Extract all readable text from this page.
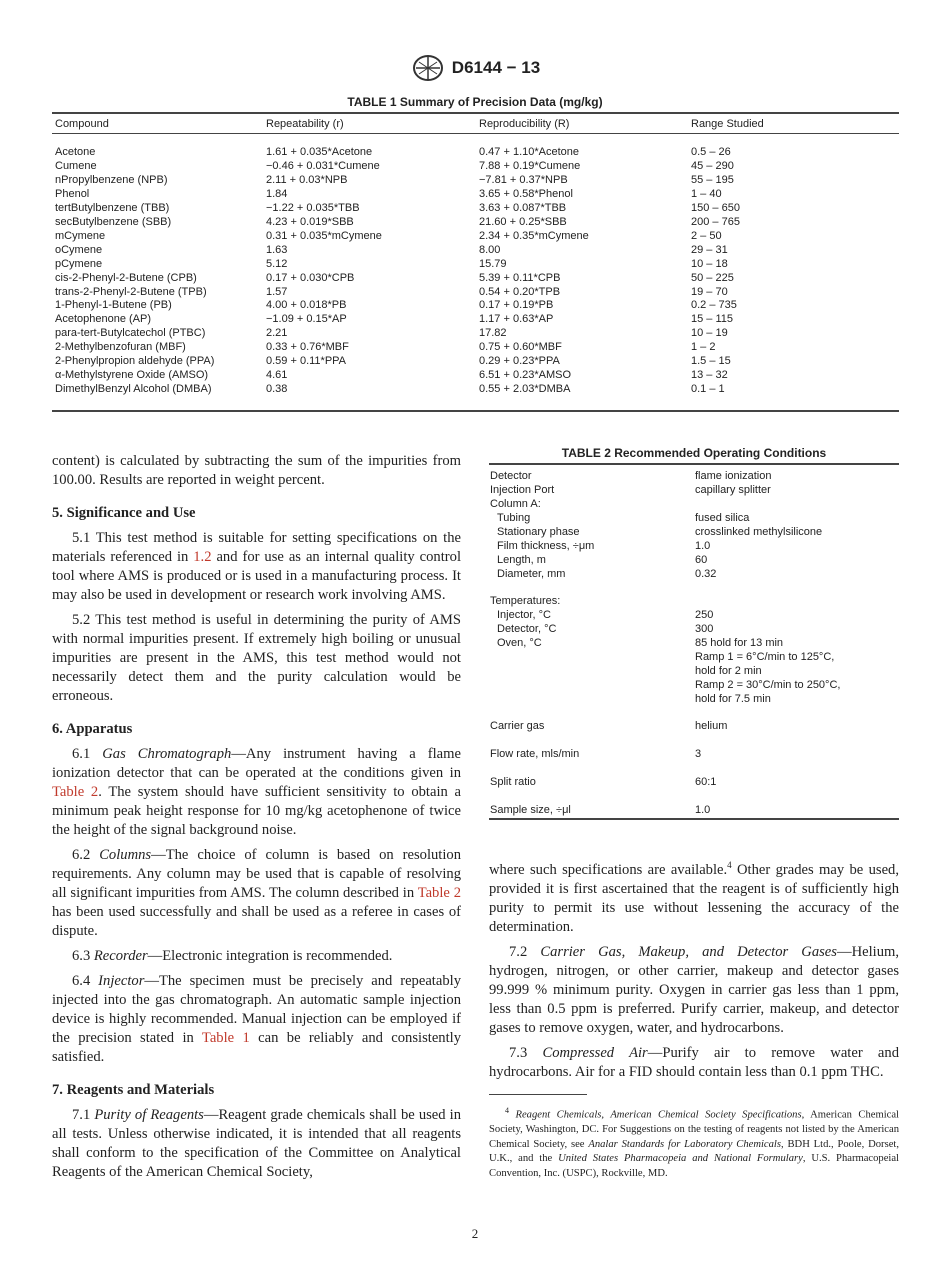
D6144 − 13
TABLE 1 Summary of Precision Data (mg/kg)
Compound	Repeatability (r)	Reproducibility (R)	Range Studied
Acetone	1.61 + 0.035*Acetone	0.47 + 1.10*Acetone	0.5 – 26
Cumene	−0.46 + 0.031*Cumene	7.88 + 0.19*Cumene	45 – 290
nPropylbenzene (NPB)	2.11 + 0.03*NPB	−7.81 + 0.37*NPB	55 – 195
Phenol	1.84	3.65 + 0.58*Phenol	1 – 40
tertButylbenzene (TBB)	−1.22 + 0.035*TBB	3.63 + 0.087*TBB	150 – 650
secButylbenzene (SBB)	4.23 + 0.019*SBB	21.60 + 0.25*SBB	200 – 765
mCymene	0.31 + 0.035*mCymene	2.34 + 0.35*mCymene	2 – 50
oCymene	1.63	8.00	29 – 31
pCymene	5.12	15.79	10 – 18
cis-2-Phenyl-2-Butene (CPB)	0.17 + 0.030*CPB	5.39 + 0.11*CPB	50 – 225
trans-2-Phenyl-2-Butene (TPB)	1.57	0.54 + 0.20*TPB	19 – 70
1-Phenyl-1-Butene (PB)	4.00 + 0.018*PB	0.17 + 0.19*PB	0.2 – 735
Acetophenone (AP)	−1.09 + 0.15*AP	1.17 + 0.63*AP	15 – 115
para-tert-Butylcatechol (PTBC)	2.21	17.82	10 – 19
2-Methylbenzofuran (MBF)	0.33 + 0.76*MBF	0.75 + 0.60*MBF	1 – 2
2-Phenylpropion aldehyde (PPA)	0.59 + 0.11*PPA	0.29 + 0.23*PPA	1.5 – 15
α-Methylstyrene Oxide (AMSO)	4.61	6.51 + 0.23*AMSO	13 – 32
DimethylBenzyl Alcohol (DMBA)	0.38	0.55 + 2.03*DMBA	0.1 – 1

content) is calculated by subtracting the sum of the impurities from 100.00. Results are reported in weight percent.

5. Significance and Use

5.1 This test method is suitable for setting specifications on the materials referenced in 1.2 and for use as an internal quality control tool where AMS is produced or is used in a manufacturing process. It may also be used in development or research work involving AMS.

5.2 This test method is useful in determining the purity of AMS with normal impurities present. If extremely high boiling or unusual impurities are present in the AMS, this test method would not necessarily detect them and the purity calculation would be erroneous.

6. Apparatus

6.1 Gas Chromatograph—Any instrument having a flame ionization detector that can be operated at the conditions given in Table 2. The system should have sufficient sensitivity to obtain a minimum peak height response for 10 mg/kg acetophenone of twice the height of the signal background noise.

6.2 Columns—The choice of column is based on resolution requirements. Any column may be used that is capable of resolving all significant impurities from AMS. The column described in Table 2 has been used successfully and shall be used as a referee in cases of dispute.

6.3 Recorder—Electronic integration is recommended.

6.4 Injector—The specimen must be precisely and repeatably injected into the gas chromatograph. An automatic sample injection device is highly recommended. Manual injection can be employed if the precision stated in Table 1 can be reliably and consistently satisfied.

7. Reagents and Materials

7.1 Purity of Reagents—Reagent grade chemicals shall be used in all tests. Unless otherwise indicated, it is intended that all reagents shall conform to the specification of the Committee on Analytical Reagents of the American Chemical Society,

TABLE 2 Recommended Operating Conditions
Detector	flame ionization
Injection Port	capillary splitter
Column A:
Tubing	fused silica
Stationary phase	crosslinked methylsilicone
Film thickness, ÷μm	1.0
Length, m	60
Diameter, mm	0.32
Temperatures:
Injector, °C	250
Detector, °C	300
Oven, °C	85 hold for 13 min
Ramp 1 = 6°C/min to 125°C,
hold for 2 min
Ramp 2 = 30°C/min to 250°C,
hold for 7.5 min
Carrier gas	helium
Flow rate, mls/min	3
Split ratio	60:1
Sample size, ÷μl	1.0

where such specifications are available.$^4$ Other grades may be used, provided it is first ascertained that the reagent is of sufficiently high purity to permit its use without lessening the accuracy of the determination.

7.2 Carrier Gas, Makeup, and Detector Gases—Helium, hydrogen, nitrogen, or other carrier, makeup and detector gases 99.999 % minimum purity. Oxygen in carrier gas less than 1 ppm, less than 0.5 ppm is preferred. Purify carrier, makeup, and detector gases to remove oxygen, water, and hydrocarbons.

7.3 Compressed Air—Purify air to remove water and hydrocarbons. Air for a FID should contain less than 0.1 ppm THC.

$^4$ Reagent Chemicals, American Chemical Society Specifications, American Chemical Society, Washington, DC. For Suggestions on the testing of reagents not listed by the American Chemical Society, see Analar Standards for Laboratory Chemicals, BDH Ltd., Poole, Dorset, U.K., and the United States Pharmacopeia and National Formulary, U.S. Pharmacopeial Convention, Inc. (USPC), Rockville, MD.
2
